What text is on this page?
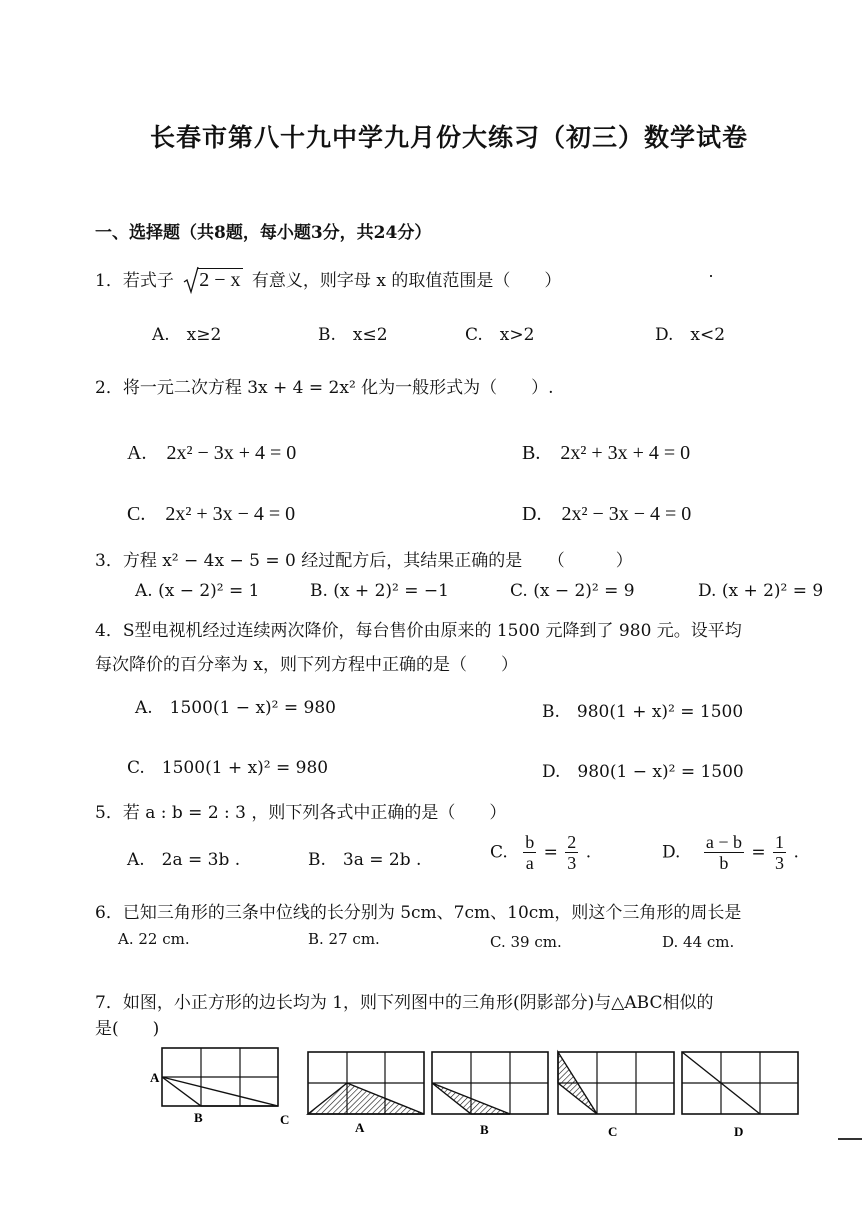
长春市第八十九中学九月份大练习（初三）数学试卷
一、选择题（共8题，每小题3分，共24分）
1．若式子 2 − x 有意义，则字母 x 的取值范围是（　　）
A.　x≥2	B.　x≤2	C.　x>2	D.　x<2
2．将一元二次方程 3x + 4 = 2x² 化为一般形式为（　　）.
A.　2x² − 3x + 4 = 0	B.　2x² + 3x + 4 = 0
C.　2x² + 3x − 4 = 0	D.　2x² − 3x − 4 = 0
3．方程 x² − 4x − 5 = 0 经过配方后，其结果正确的是　　（　　　）
A. (x − 2)² = 1	B. (x + 2)² = −1	C. (x − 2)² = 9	D. (x + 2)² = 9
4．S型电视机经过连续两次降价，每台售价由原来的 1500 元降到了 980 元。设平均
每次降价的百分率为 x，则下列方程中正确的是（　　）
A.　1500(1 − x)² = 980	B.　980(1 + x)² = 1500
C.　1500(1 + x)² = 980	D.　980(1 − x)² = 1500
5．若 a : b = 2 : 3 ，则下列各式中正确的是（　　）
A.　2a = 3b .	B.　3a = 2b .	C. $\frac{b}{a} = \frac{2}{3}$ .	D. $\frac{a - b}{b} = \frac{1}{3}$ .
6．已知三角形的三条中位线的长分别为 5cm、7cm、10cm，则这个三角形的周长是
A. 22 cm.	B. 27 cm.	C. 39 cm.	D. 44 cm.
7．如图，小正方形的边长均为 1，则下列图中的三角形(阴影部分)与△ABC相似的
是(　　)
A
B	C
A	B	C	D
